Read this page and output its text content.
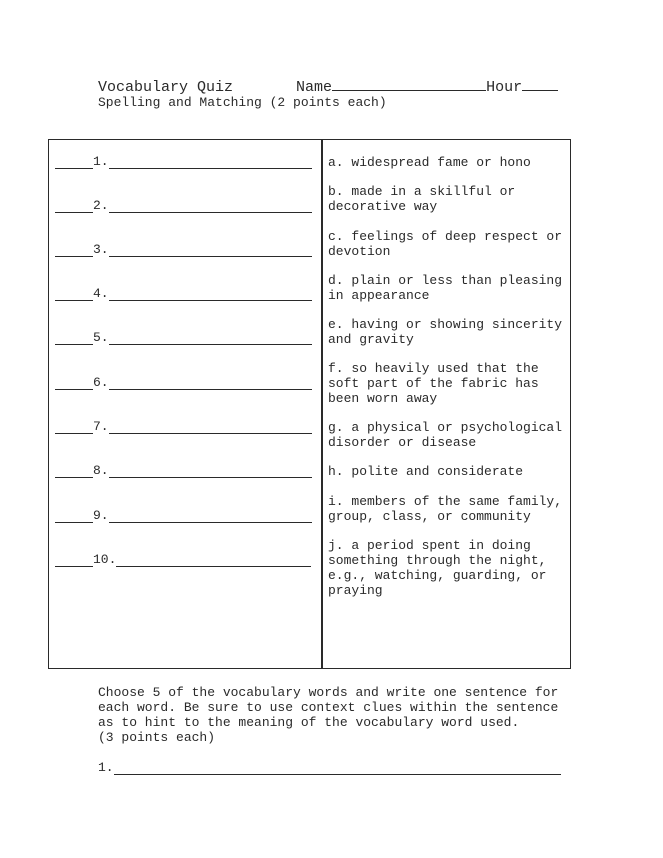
Vocabulary Quiz	Name	Hour
Spelling and Matching (2 points each)
1.
2.
3.
4.
5.
6.
7.
8.
9.
10.
a. widespread fame or hono
b. made in a skillful or decorative way
c. feelings of deep respect or devotion
d. plain or less than pleasing in appearance
e. having or showing sincerity and gravity
f. so heavily used that the soft part of the fabric has been worn away
g. a physical or psychological disorder or disease
h. polite and considerate
i. members of the same family, group, class, or community
j. a period spent in doing something through the night, e.g., watching, guarding, or praying
Choose 5 of the vocabulary words and write one sentence for each word. Be sure to use context clues within the sentence as to hint to the meaning of the vocabulary word used.
(3 points each)
1.
